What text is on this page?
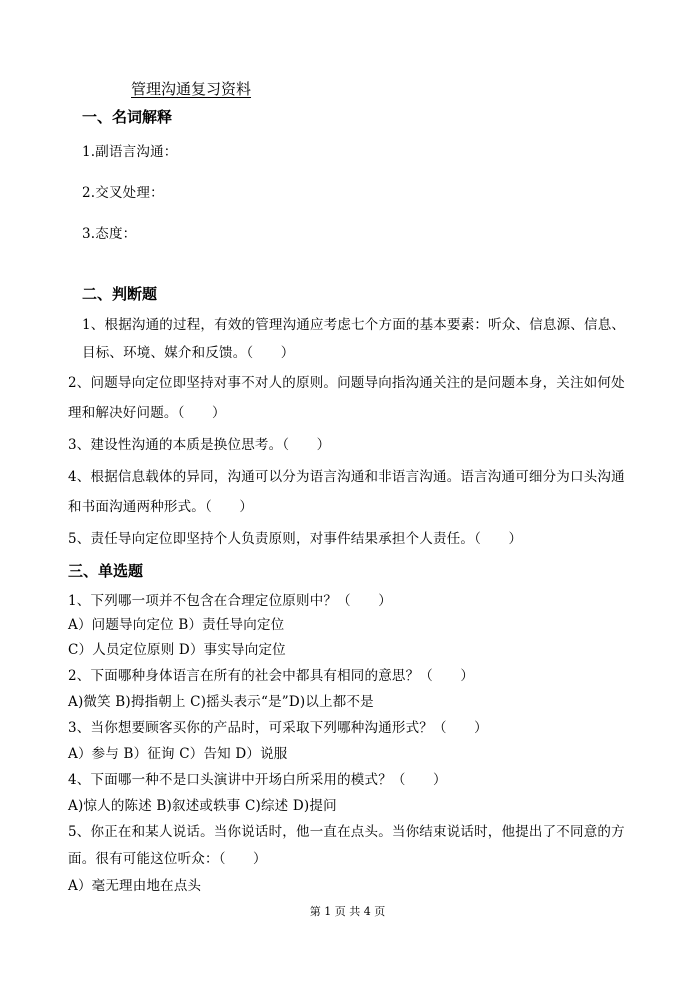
管理沟通复习资料
一、名词解释
1.副语言沟通：
2.交叉处理：
3.态度：
二、判断题
1、根据沟通的过程，有效的管理沟通应考虑七个方面的基本要素：听众、信息源、信息、
目标、环境、媒介和反馈。（　　）
2、问题导向定位即坚持对事不对人的原则。问题导向指沟通关注的是问题本身，关注如何处
理和解决好问题。（　　）
3、建设性沟通的本质是换位思考。（　　）
4、根据信息载体的异同，沟通可以分为语言沟通和非语言沟通。语言沟通可细分为口头沟通
和书面沟通两种形式。（　　）
5、责任导向定位即坚持个人负责原则，对事件结果承担个人责任。（　　）
三、单选题
1、下列哪一项并不包含在合理定位原则中？（　　）
A）问题导向定位 B）责任导向定位
C）人员定位原则 D）事实导向定位
2、下面哪种身体语言在所有的社会中都具有相同的意思？（　　）
A)微笑 B)拇指朝上 C)摇头表示“是”D)以上都不是
3、当你想要顾客买你的产品时，可采取下列哪种沟通形式？（　　）
A）参与 B）征询 C）告知 D）说服
4、下面哪一种不是口头演讲中开场白所采用的模式？（　　）
A)惊人的陈述 B)叙述或轶事 C)综述 D)提问
5、你正在和某人说话。当你说话时，他一直在点头。当你结束说话时，他提出了不同意的方
面。很有可能这位听众：（　　）
A）毫无理由地在点头
第 1 页 共 4 页
